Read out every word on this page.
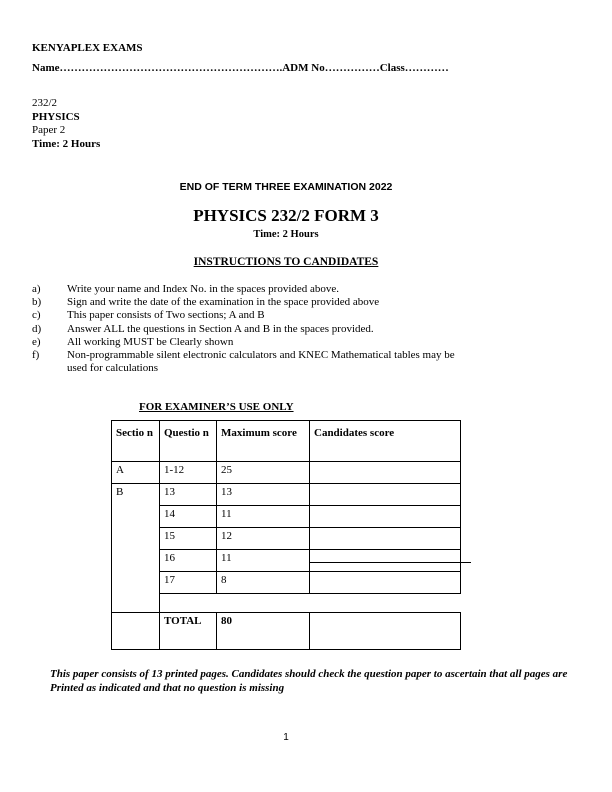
KENYAPLEX EXAMS
Name…………………………………………………….ADM No……………Class…………
232/2
PHYSICS
Paper 2
Time: 2 Hours
END OF TERM THREE EXAMINATION 2022
PHYSICS 232/2 FORM 3
Time: 2 Hours
INSTRUCTIONS TO CANDIDATES
a)	Write your name and Index No. in the spaces provided above.
b)	Sign and write the date of the examination in the space provided above
c)	This paper consists of Two sections; A and B
d)	Answer ALL the questions in Section A and B in the spaces provided.
e)	All working MUST be Clearly shown
f)	Non-programmable silent electronic calculators and KNEC Mathematical tables may be used for calculations
FOR EXAMINER’S USE ONLY
Sectio n	Questio n	Maximum score	Candidates score
A	1-12	25	
B	13	13	
	14	11	
	15	12	
	16	11	
	17	8	

	TOTAL	80	
This paper consists of 13 printed pages. Candidates should check the question paper to ascertain that all pages are Printed as indicated and that no question is missing
1
